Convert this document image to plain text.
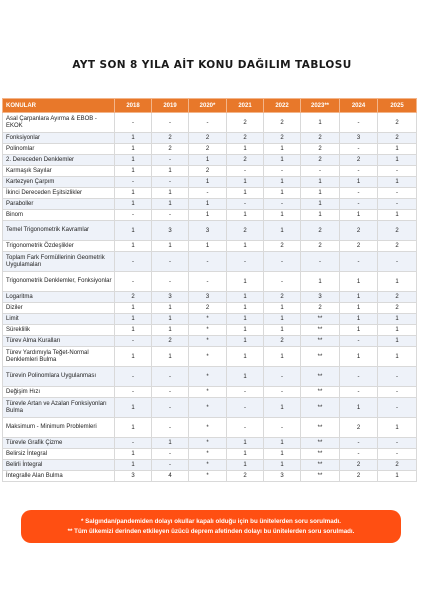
AYT SON 8 YILA AİT KONU DAĞILIM TABLOSU
KONULAR	2018	2019	2020*	2021	2022	2023**	2024	2025
Asal Çarpanlara Ayırma & EBOB - EKOK	-	-	-	2	2	1	-	2
Fonksiyonlar	1	2	2	2	2	2	3	2
Polinomlar	1	2	2	1	1	2	-	1
2. Dereceden Denklemler	1	-	1	2	1	2	2	1
Karmaşık Sayılar	1	1	2	-	-	-	-	-
Kartezyen Çarpım	-	-	1	1	1	1	1	1
İkinci Dereceden Eşitsizlikler	1	1	-	1	1	1	-	-
Paraboller	1	1	1	-	-	1	-	-
Binom	-	-	1	1	1	1	1	1
Temel Trigonometrik Kavramlar	1	3	3	2	1	2	2	2
Trigonometrik Özdeşlikler	1	1	1	1	2	2	2	2
Toplam Fark Formüllerinin Geometrik Uygulamaları	-	-	-	-	-	-	-	-
Trigonometrik Denklemler, Fonksiyonlar	-	-	-	1	-	1	1	1
Logaritma	2	3	3	1	2	3	1	2
Diziler	1	1	2	1	1	2	1	2
Limit	1	1	*	1	1	**	1	1
Süreklilik	1	1	*	1	1	**	1	1
Türev Alma Kuralları	-	2	*	1	2	**	-	1
Türev Yardımıyla Teğet-Normal Denklemleri Bulma	1	1	*	1	1	**	1	1
Türevin Polinomlara Uygulanması	-	-	*	1	-	**	-	-
Değişim Hızı	-	-	*	-	-	**	-	-
Türevle Artan ve Azalan Fonksiyonları Bulma	1	-	*	-	1	**	1	-
Maksimum - Minimum Problemleri	1	-	*	-	-	**	2	1
Türevle Grafik Çizme	-	1	*	1	1	**	-	-
Belirsiz İntegral	1	-	*	1	1	**	-	-
Belirli İntegral	1	-	*	1	1	**	2	2
İntegralle Alan Bulma	3	4	*	2	3	**	2	1
* Salgından/pandemiden dolayı okullar kapalı olduğu için bu ünitelerden soru sorulmadı.
** Tüm ülkemizi derinden etkileyen üzücü deprem afetinden dolayı bu ünitelerden soru sorulmadı.
